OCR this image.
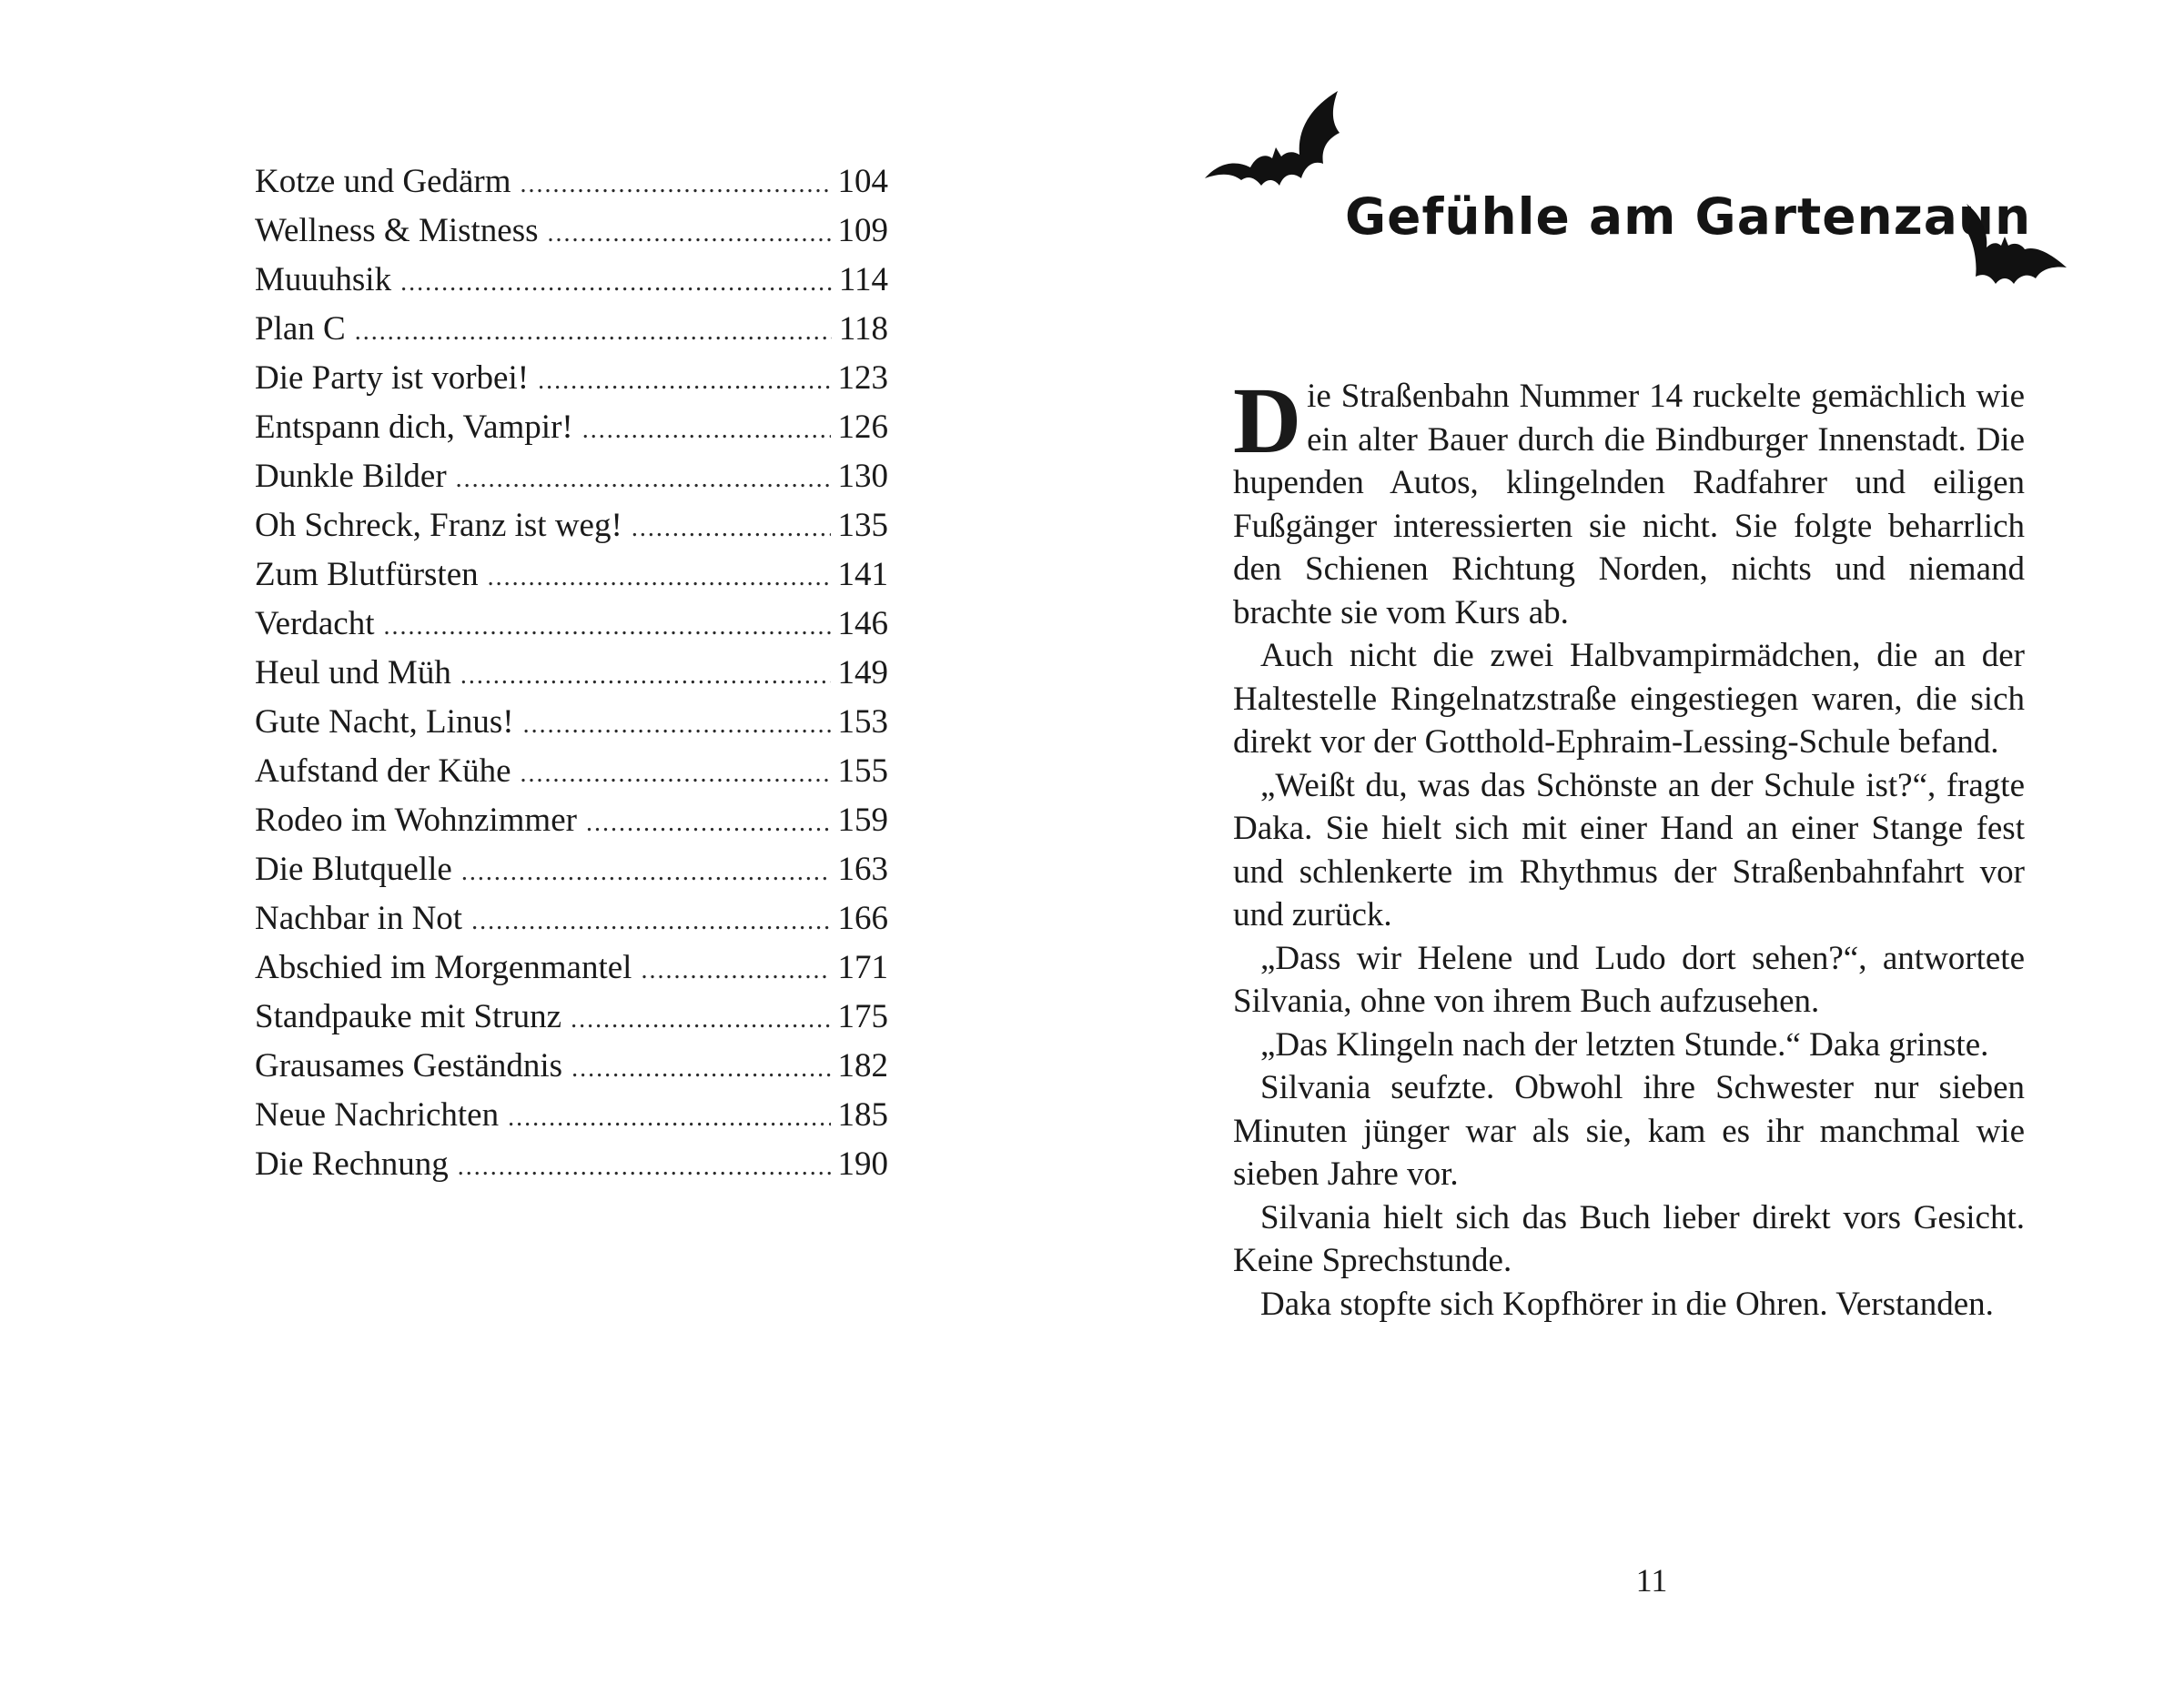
Kotze und Gedärm .....	104
Wellness & Mistness .....	109
Muuuhsik .....	114
Plan C .....	118
Die Party ist vorbei! .....	123
Entspann dich, Vampir! .....	126
Dunkle Bilder .....	130
Oh Schreck, Franz ist weg! .....	135
Zum Blutfürsten .....	141
Verdacht .....	146
Heul und Müh .....	149
Gute Nacht, Linus! .....	153
Aufstand der Kühe .....	155
Rodeo im Wohnzimmer .....	159
Die Blutquelle .....	163
Nachbar in Not .....	166
Abschied im Morgenmantel .....	171
Standpauke mit Strunz .....	175
Grausames Geständnis .....	182
Neue Nachrichten .....	185
Die Rechnung .....	190
Gefühle am Gartenzaun

Die Straßenbahn Nummer 14 ruckelte gemächlich wie ein alter Bauer durch die Bindburger Innenstadt. Die hupenden Autos, klingelnden Radfahrer und eiligen Fußgänger interessierten sie nicht. Sie folgte beharrlich den Schienen Richtung Norden, nichts und niemand brachte sie vom Kurs ab.

Auch nicht die zwei Halbvampirmädchen, die an der Haltestelle Ringelnatzstraße eingestiegen waren, die sich direkt vor der Gotthold-Ephraim-Lessing-Schule befand.

„Weißt du, was das Schönste an der Schule ist?“, fragte Daka. Sie hielt sich mit einer Hand an einer Stange fest und schlenkerte im Rhythmus der Straßenbahnfahrt vor und zurück.

„Dass wir Helene und Ludo dort sehen?“, antwortete Silvania, ohne von ihrem Buch aufzusehen.

„Das Klingeln nach der letzten Stunde.“ Daka grinste.

Silvania seufzte. Obwohl ihre Schwester nur sieben Minuten jünger war als sie, kam es ihr manchmal wie sieben Jahre vor.

Silvania hielt sich das Buch lieber direkt vors Gesicht. Keine Sprechstunde.

Daka stopfte sich Kopfhörer in die Ohren. Verstanden.

11
